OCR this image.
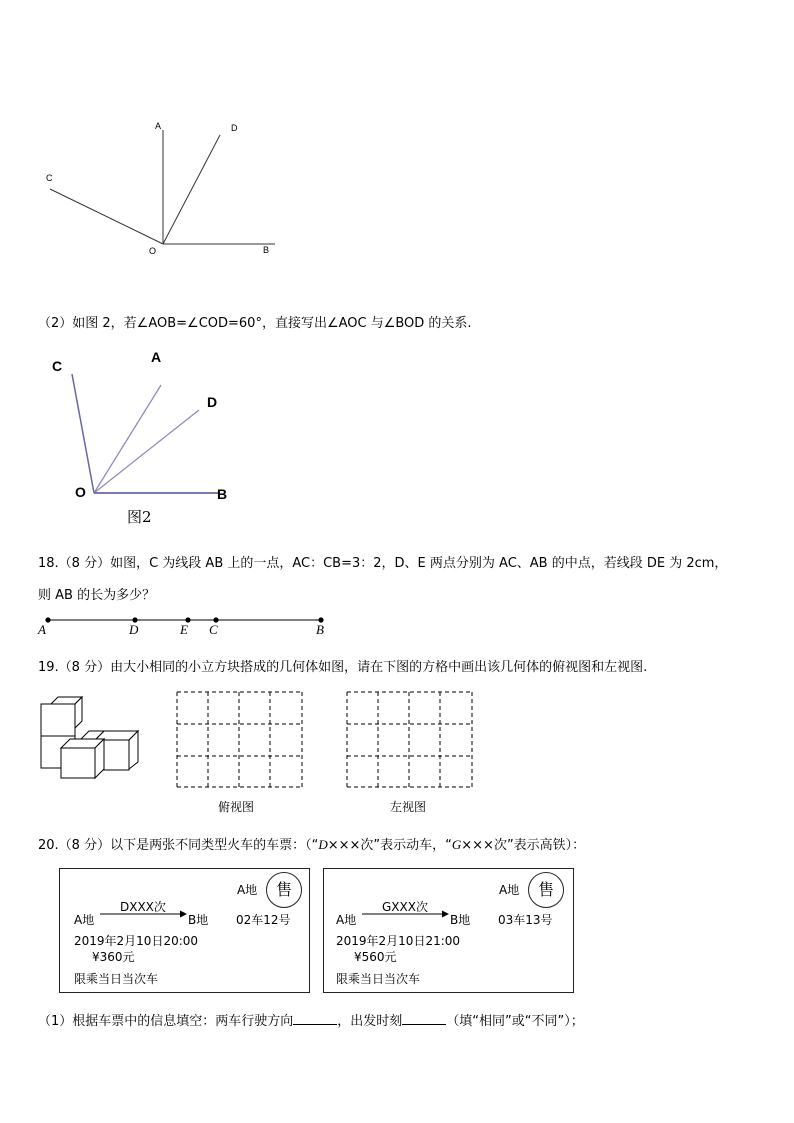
A	D
C
O	B
（2）如图 2，若∠AOB=∠COD=60°，直接写出∠AOC 与∠BOD 的关系.
C
A
D
O	B
图2
18.（8 分）如图，C 为线段 AB 上的一点，AC：CB=3：2，D、E 两点分别为 AC、AB 的中点，若线段 DE 为 2cm，
则 AB 的长为多少？
A	D	E C	B
19.（8 分）由大小相同的小立方块搭成的几何体如图，请在下图的方格中画出该几何体的俯视图和左视图.
俯视图	左视图
20.（8 分）以下是两张不同类型火车的车票：（“D×××次”表示动车，“G×××次”表示高铁）：
A地	售
DXXX次
A地	B地 02车12号
2019年2月10日20:00
¥360元
限乘当日当次车
A地	售
GXXX次
A地	B地 03车13号
2019年2月10日21:00
¥560元
限乘当日当次车
（1）根据车票中的信息填空：两车行驶方向	，出发时刻	（填“相同”或“不同”）；
